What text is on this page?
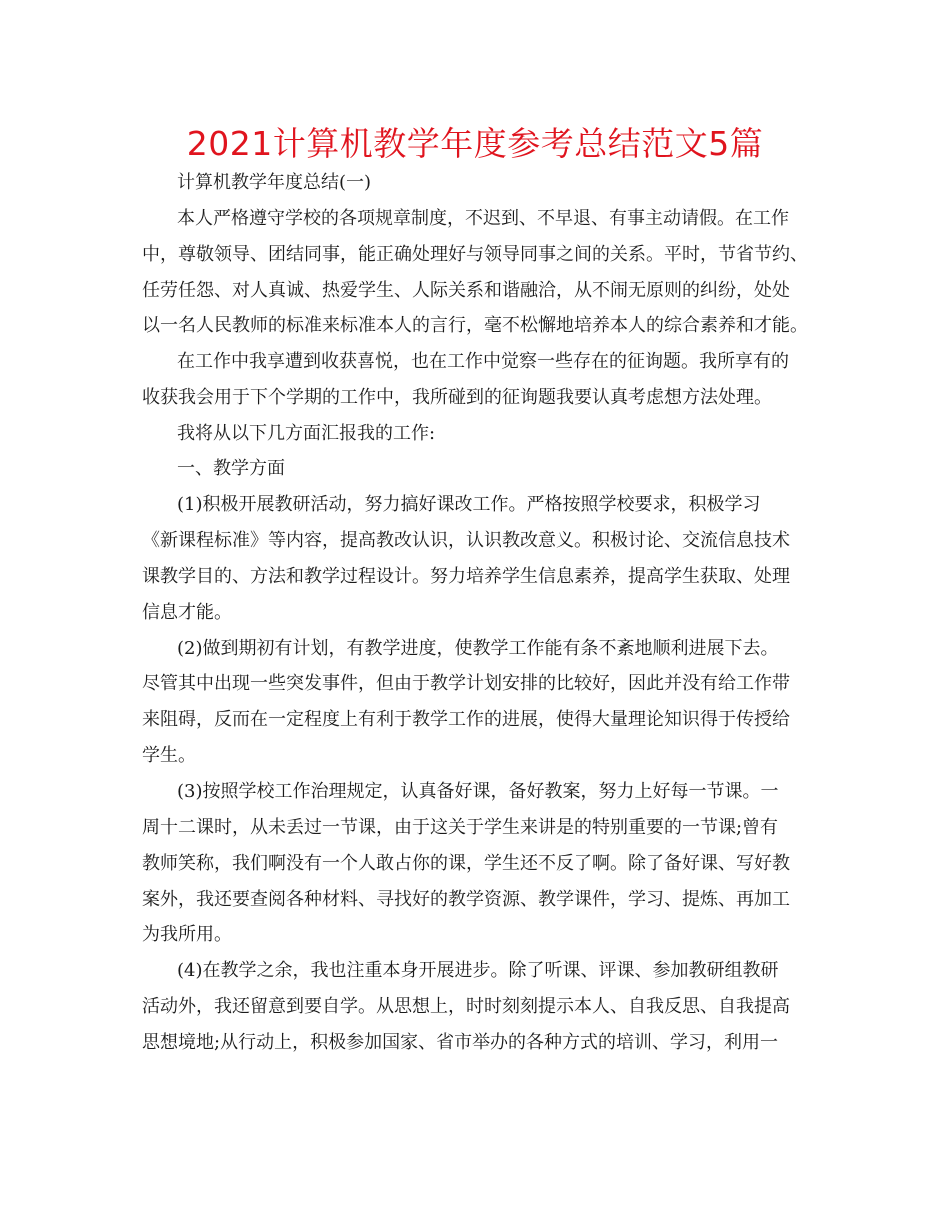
2021计算机教学年度参考总结范文5篇

计算机教学年度总结(一)

本人严格遵守学校的各项规章制度，不迟到、不早退、有事主动请假。在工作

中，尊敬领导、团结同事，能正确处理好与领导同事之间的关系。平时，节省节约、

任劳任怨、对人真诚、热爱学生、人际关系和谐融洽，从不闹无原则的纠纷，处处

以一名人民教师的标准来标准本人的言行，毫不松懈地培养本人的综合素养和才能。

在工作中我享遭到收获喜悦，也在工作中觉察一些存在的征询题。我所享有的

收获我会用于下个学期的工作中，我所碰到的征询题我要认真考虑想方法处理。

我将从以下几方面汇报我的工作:

一、教学方面

(1)积极开展教研活动，努力搞好课改工作。严格按照学校要求，积极学习

《新课程标准》等内容，提高教改认识，认识教改意义。积极讨论、交流信息技术

课教学目的、方法和教学过程设计。努力培养学生信息素养，提高学生获取、处理

信息才能。

(2)做到期初有计划，有教学进度，使教学工作能有条不紊地顺利进展下去。

尽管其中出现一些突发事件，但由于教学计划安排的比较好，因此并没有给工作带

来阻碍，反而在一定程度上有利于教学工作的进展，使得大量理论知识得于传授给

学生。

(3)按照学校工作治理规定，认真备好课，备好教案，努力上好每一节课。一

周十二课时，从未丢过一节课，由于这关于学生来讲是的特别重要的一节课;曾有

教师笑称，我们啊没有一个人敢占你的课，学生还不反了啊。除了备好课、写好教

案外，我还要查阅各种材料、寻找好的教学资源、教学课件，学习、提炼、再加工

为我所用。

(4)在教学之余，我也注重本身开展进步。除了听课、评课、参加教研组教研

活动外，我还留意到要自学。从思想上，时时刻刻提示本人、自我反思、自我提高

思想境地;从行动上，积极参加国家、省市举办的各种方式的培训、学习，利用一
